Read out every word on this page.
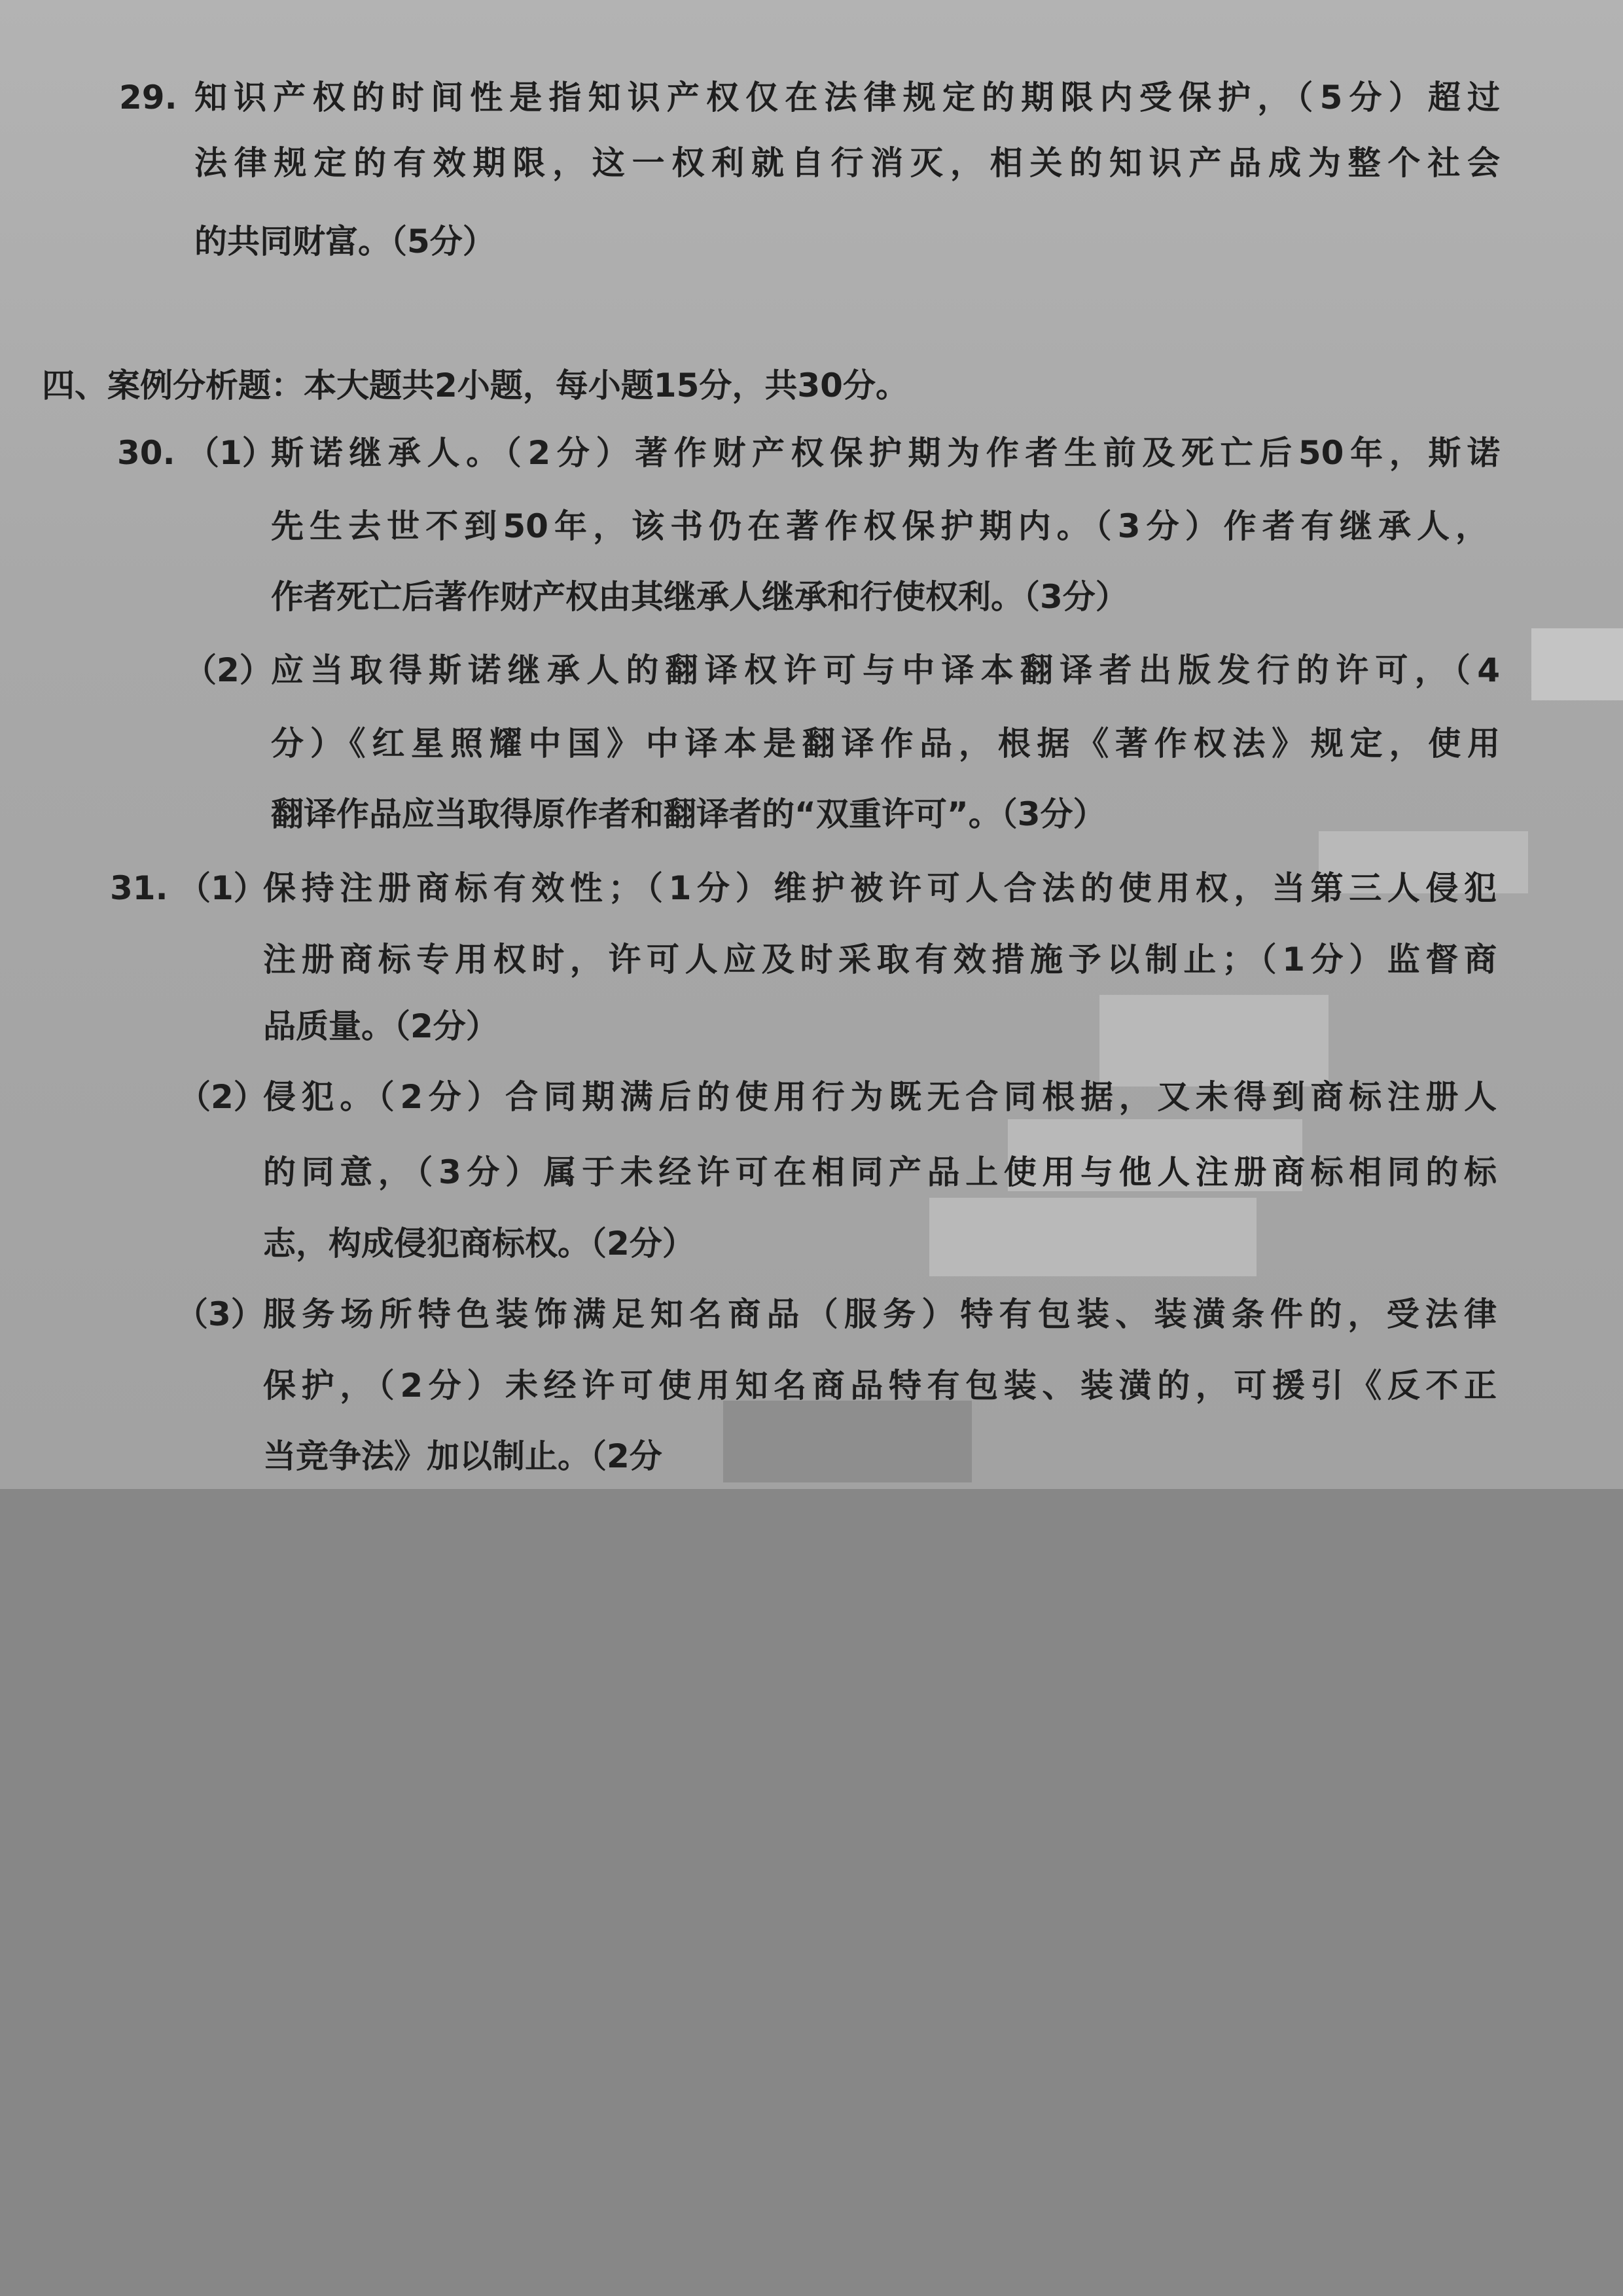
29. 知识产权的时间性是指知识产权仅在法律规定的期限内受保护，（5分）超过
法律规定的有效期限，这一权利就自行消灭，相关的知识产品成为整个社会
的共同财富。（5分）
四、案例分析题：本大题共2小题，每小题15分，共30分。
30. （1）
斯诺继承人。（2分）著作财产权保护期为作者生前及死亡后50年，斯诺
先生去世不到50年，该书仍在著作权保护期内。（3分）作者有继承人，
作者死亡后著作财产权由其继承人继承和行使权利。（3分）
（2）
应当取得斯诺继承人的翻译权许可与中译本翻译者出版发行的许可，（4
分）《红星照耀中国》中译本是翻译作品，根据《著作权法》规定，使用
翻译作品应当取得原作者和翻译者的“双重许可”。（3分）
31. （1）
保持注册商标有效性；（1分）维护被许可人合法的使用权，当第三人侵犯
注册商标专用权时，许可人应及时采取有效措施予以制止；（1分）监督商
品质量。（2分）
（2）
侵犯。（2分）合同期满后的使用行为既无合同根据，又未得到商标注册人
的同意，（3分）属于未经许可在相同产品上使用与他人注册商标相同的标
志，构成侵犯商标权。（2分）
（3） 服务场所特色装饰满足知名商品（服务）特有包装、装潢条件的，受法律
保护，（2分）未经许可使用知名商品特有包装、装潢的，可援引《反不正
当竞争法》加以制止。（2分
